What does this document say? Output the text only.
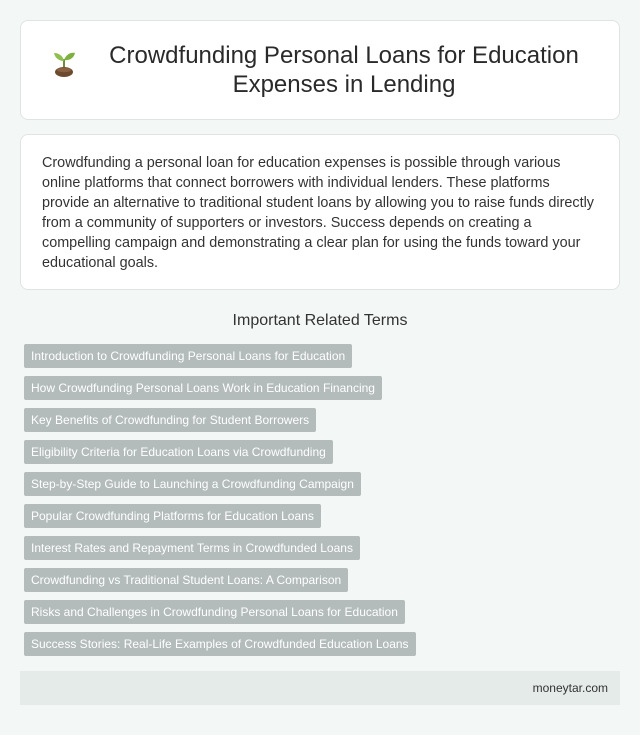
Crowdfunding Personal Loans for Education Expenses in Lending

Crowdfunding a personal loan for education expenses is possible through various online platforms that connect borrowers with individual lenders. These platforms provide an alternative to traditional student loans by allowing you to raise funds directly from a community of supporters or investors. Success depends on creating a compelling campaign and demonstrating a clear plan for using the funds toward your educational goals.

Important Related Terms
Introduction to Crowdfunding Personal Loans for Education
How Crowdfunding Personal Loans Work in Education Financing
Key Benefits of Crowdfunding for Student Borrowers
Eligibility Criteria for Education Loans via Crowdfunding
Step-by-Step Guide to Launching a Crowdfunding Campaign
Popular Crowdfunding Platforms for Education Loans
Interest Rates and Repayment Terms in Crowdfunded Loans
Crowdfunding vs Traditional Student Loans: A Comparison
Risks and Challenges in Crowdfunding Personal Loans for Education
Success Stories: Real-Life Examples of Crowdfunded Education Loans
moneytar.com
